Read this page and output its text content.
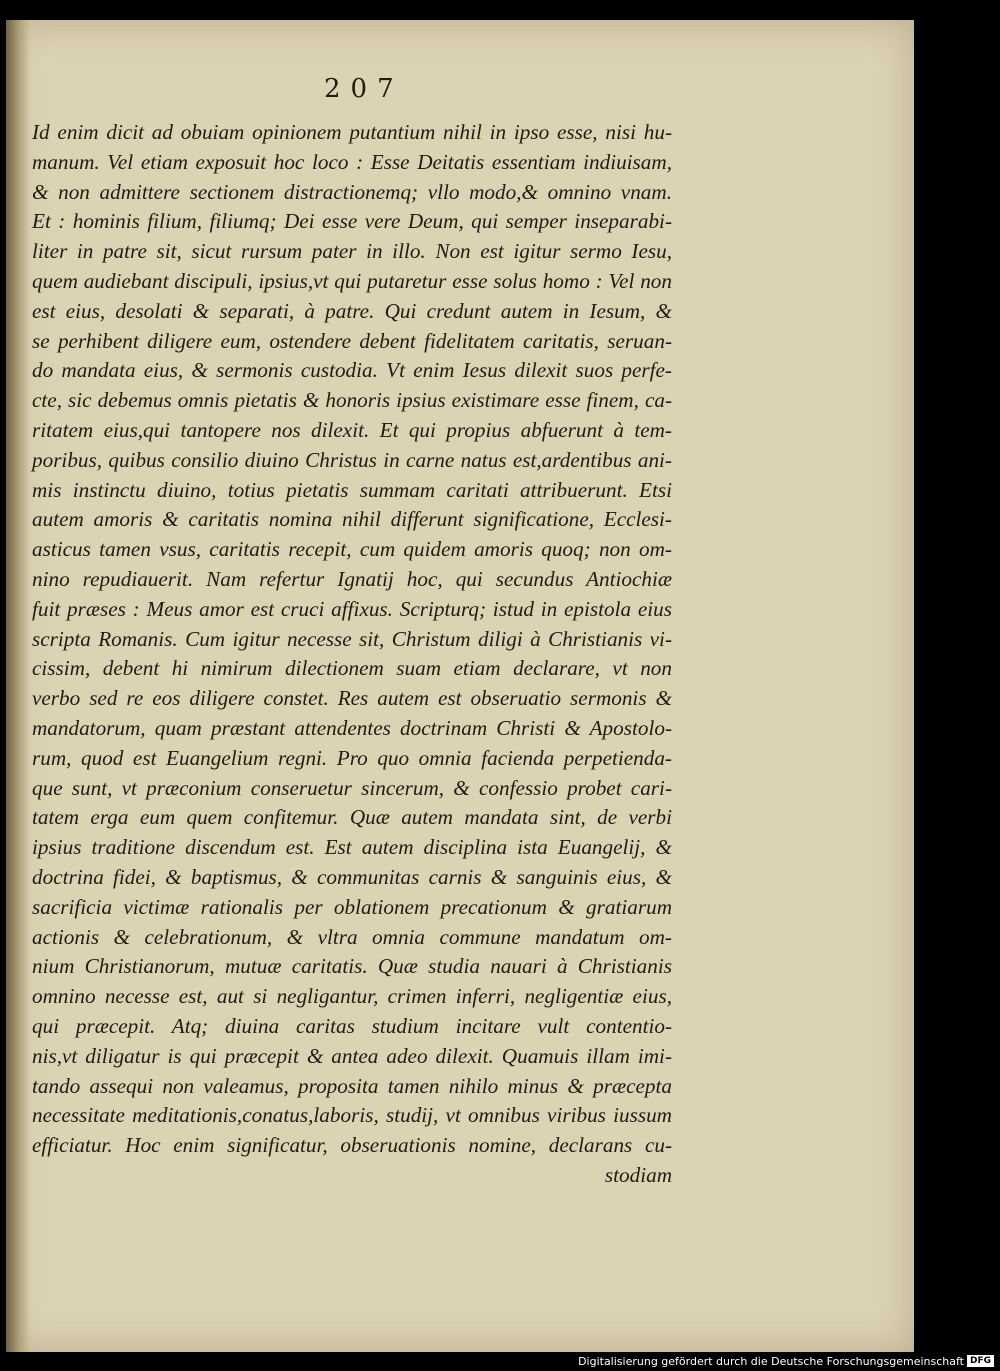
207
Id enim dicit ad obuiam opinionem putantium nihil in ipso esse, nisi hu-
manum. Vel etiam exposuit hoc loco : Esse Deitatis essentiam indiuisam,
& non admittere sectionem distractionemq; vllo modo,& omnino vnam.
Et : hominis filium, filiumq; Dei esse vere Deum, qui semper inseparabi-
liter in patre sit, sicut rursum pater in illo. Non est igitur sermo Iesu,
quem audiebant discipuli, ipsius,vt qui putaretur esse solus homo : Vel non
est eius, desolati & separati, à patre. Qui credunt autem in Iesum, &
se perhibent diligere eum, ostendere debent fidelitatem caritatis, seruan-
do mandata eius, & sermonis custodia. Vt enim Iesus dilexit suos perfe-
cte, sic debemus omnis pietatis & honoris ipsius existimare esse finem, ca-
ritatem eius,qui tantopere nos dilexit. Et qui propius abfuerunt à tem-
poribus, quibus consilio diuino Christus in carne natus est,ardentibus ani-
mis instinctu diuino, totius pietatis summam caritati attribuerunt. Etsi
autem amoris & caritatis nomina nihil differunt significatione, Ecclesi-
asticus tamen vsus, caritatis recepit, cum quidem amoris quoq; non om-
nino repudiauerit. Nam refertur Ignatij hoc, qui secundus Antiochiæ
fuit præses : Meus amor est cruci affixus. Scripturq; istud in epistola eius
scripta Romanis. Cum igitur necesse sit, Christum diligi à Christianis vi-
cissim, debent hi nimirum dilectionem suam etiam declarare, vt non
verbo sed re eos diligere constet. Res autem est obseruatio sermonis &
mandatorum, quam præstant attendentes doctrinam Christi & Apostolo-
rum, quod est Euangelium regni. Pro quo omnia facienda perpetienda-
que sunt, vt præconium conseruetur sincerum, & confessio probet cari-
tatem erga eum quem confitemur. Quæ autem mandata sint, de verbi
ipsius traditione discendum est. Est autem disciplina ista Euangelij, &
doctrina fidei, & baptismus, & communitas carnis & sanguinis eius, &
sacrificia victimæ rationalis per oblationem precationum & gratiarum
actionis & celebrationum, & vltra omnia commune mandatum om-
nium Christianorum, mutuæ caritatis. Quæ studia nauari à Christianis
omnino necesse est, aut si negligantur, crimen inferri, negligentiæ eius,
qui præcepit. Atq; diuina caritas studium incitare vult contentio-
nis,vt diligatur is qui præcepit & antea adeo dilexit. Quamuis illam imi-
tando assequi non valeamus, proposita tamen nihilo minus & præcepta
necessitate meditationis,conatus,laboris, studij, vt omnibus viribus iussum
efficiatur. Hoc enim significatur, obseruationis nomine, declarans cu-
stodiam
Digitalisierung gefördert durch die Deutsche Forschungsgemeinschaft DFG
